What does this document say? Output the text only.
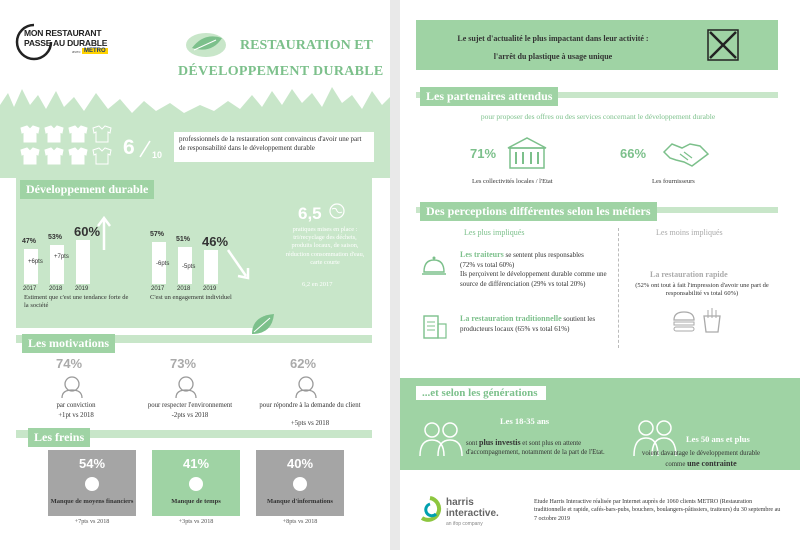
MON RESTAURANT
PASSE AU DURABLE
avec METRO	RESTAURATION ET
DÉVELOPPEMENT DURABLE
6 10
professionnels de la restauration sont convaincus d'avoir une part de responsabilité dans le développement durable
Développement durable
47%
2017
53%
2018
+6pts
60%
2019
+7pts
Estiment que c'est une tendance forte de la société
57%
2017
51%
2018
-6pts
46%
2019
-5pts
C'est un engagement individuel
6,5
pratiques mises en place : tri/recyclage des déchets, produits locaux, de saison, réduction consommation d'eau, carte courte
6,2 en 2017
Les motivations
74%
par conviction
+1pt vs 2018
73%
pour respecter l'environnement
-2pts vs 2018
62%
pour répondre à la demande du client
+5pts vs 2018
Les freins
54%
Manque de moyens financiers
+7pts vs 2018
41%
Manque de temps
+3pts vs 2018
40%
Manque d'informations
+8pts vs 2018
Le sujet d'actualité le plus impactant dans leur activité :
l'arrêt du plastique à usage unique
Les partenaires attendus
pour proposer des offres ou des services concernant le développement durable
71%
Les collectivités locales / l'Etat
66%
Les fournisseurs
Des perceptions différentes selon les métiers
Les plus impliqués	Les moins impliqués
Les traiteurs se sentent plus responsables
(72% vs total 60%)
Ils perçoivent le développement durable comme une source de différenciation (29% vs total 20%)
La restauration traditionnelle soutient les producteurs locaux (65% vs total 61%)
La restauration rapide
(52% ont tout à fait l'impression d'avoir une part de responsabilité vs total 60%)
...et selon les générations
Les 18-35 ans
sont plus investis et sont plus en attente d'accompagnement, notamment de la part de l'Etat.
Les 50 ans et plus
voient davantage le développement durable comme une contrainte
harris
interactive.
an ifop company
Etude Harris Interactive réalisée par Internet auprès de 1060 clients METRO (Restauration traditionnelle et rapide, cafés-bars-pubs, bouchers, boulangers-pâtissiers, traiteurs) du 30 septembre au 7 octobre 2019
